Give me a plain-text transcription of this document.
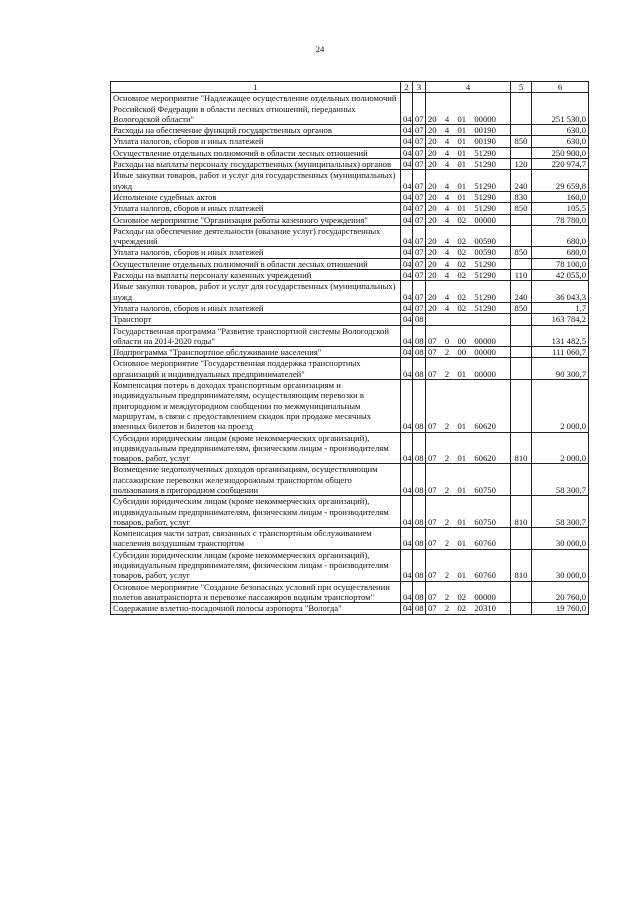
24
1	2	3	4	5	6
Основное мероприятие "Надлежащее осуществление отдельных полномочий Российской Федерации в области лесных отношений, переданных Вологодской области"	04	07	20  4  01  00000		251 530,0
Расходы на обеспечение функций государственных органов	04	07	20  4  01  00190		630,0
Уплата налогов, сборов и иных платежей	04	07	20  4  01  00190	850	630,0
Осуществление отдельных полномочий в области лесных отношений	04	07	20  4  01  51290		250 900,0
Расходы на выплаты персоналу государственных (муниципальных) органов	04	07	20  4  01  51290	120	220 974,7
Иные закупки товаров, работ и услуг для государственных (муниципальных) нужд	04	07	20  4  01  51290	240	29 659,8
Исполнение судебных актов	04	07	20  4  01  51290	830	160,0
Уплата налогов, сборов и иных платежей	04	07	20  4  01  51290	850	105,5
Основное мероприятие "Организация работы казенного учреждения"	04	07	20  4  02  00000		78 780,0
Расходы на обеспечение деятельности (оказание услуг) государственных учреждений	04	07	20  4  02  00590		680,0
Уплата налогов, сборов и иных платежей	04	07	20  4  02  00590	850	680,0
Осуществление отдельных полномочий в области лесных отношений	04	07	20  4  02  51290		78 100,0
Расходы на выплаты персоналу казенных учреждений	04	07	20  4  02  51290	110	42 055,0
Иные закупки товаров, работ и услуг для государственных (муниципальных) нужд	04	07	20  4  02  51290	240	36 043,3
Уплата налогов, сборов и иных платежей	04	07	20  4  02  51290	850	1,7
Транспорт	04	08			163 784,2
Государственная программа "Развитие транспортной системы Вологодской области на 2014-2020 годы"	04	08	07  0  00  00000		131 482,5
Подпрограмма "Транспортное обслуживание населения"	04	08	07  2  00  00000		111 060,7
Основное мероприятие "Государственная поддержка транспортных организаций и индивидуальных предпринимателей"	04	08	07  2  01  00000		90 300,7
Компенсация потерь в доходах транспортным организациям и индивидуальным предпринимателям, осуществляющим перевозки в пригородном и междугородном сообщении по межмуниципальным маршрутам, в связи с предоставлением скидок при продаже месячных именных билетов и билетов на проезд	04	08	07  2  01  60620		2 000,0
Субсидии юридическим лицам (кроме некоммерческих организаций), индивидуальным предпринимателям, физическим лицам - производителям товаров, работ, услуг	04	08	07  2  01  60620	810	2 000,0
Возмещение недополученных доходов организациям, осуществляющим пассажирские перевозки железнодорожным транспортом общего пользования в пригородном сообщении	04	08	07  2  01  60750		58 300,7
Субсидии юридическим лицам (кроме некоммерческих организаций), индивидуальным предпринимателям, физическим лицам - производителям товаров, работ, услуг	04	08	07  2  01  60750	810	58 300,7
Компенсация части затрат, связанных с транспортным обслуживанием населения воздушным транспортом	04	08	07  2  01  60760		30 000,0
Субсидии юридическим лицам (кроме некоммерческих организаций), индивидуальным предпринимателям, физическим лицам - производителям товаров, работ, услуг	04	08	07  2  01  60760	810	30 000,0
Основное мероприятие "Создание безопасных условий при осуществлении полетов авиатранспорта и перевозке пассажиров водным транспортом"	04	08	07  2  02  00000		20 760,0
Содержание взлетно-посадочной полосы аэропорта "Вологда"	04	08	07  2  02  20310		19 760,0
